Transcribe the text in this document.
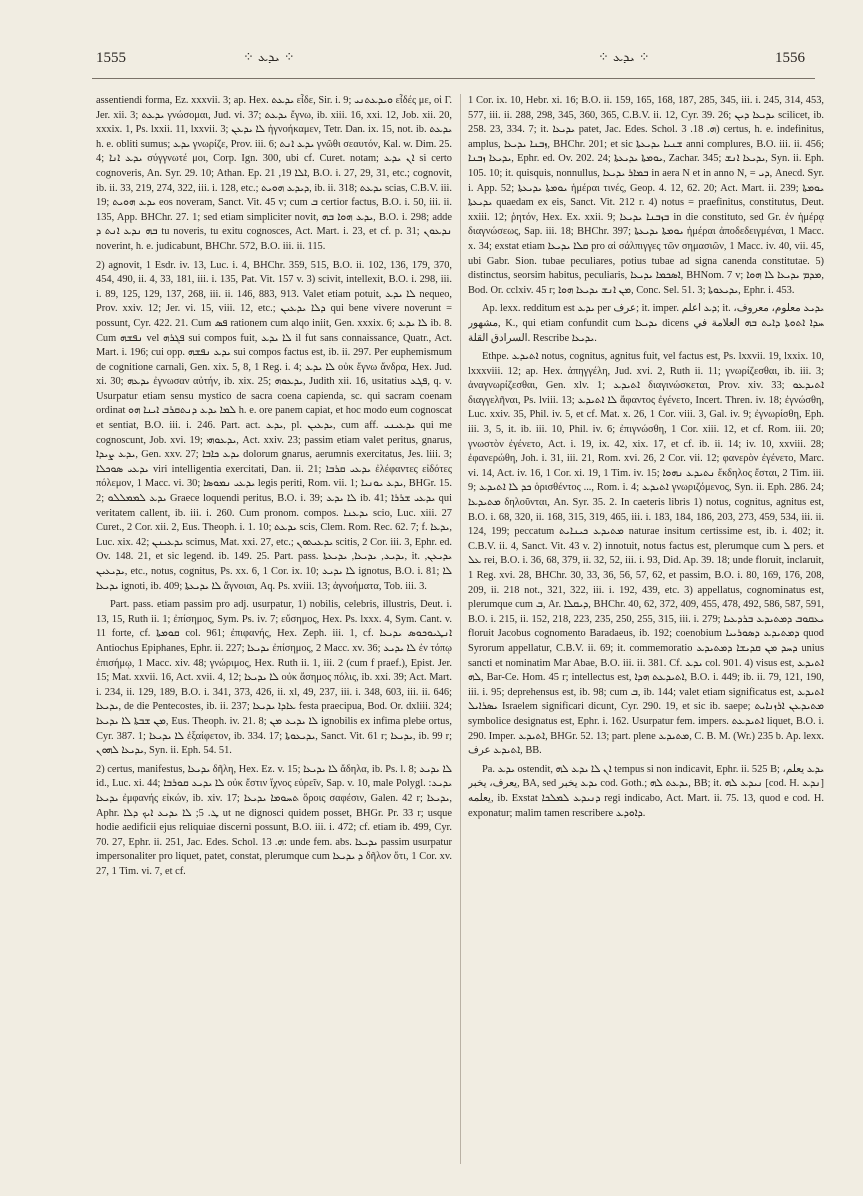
1555	⁘ ܝܕܥ ⁘	⁘ ܝܕܥ ⁘	1556

assentiendi forma, Ez. xxxvii. 3; ap. Hex. ܝܕܥܬ εἶδε, Sir. i. 9; ܘܝܕܥܬܢܝ εἶδές με, οἱ Γ. Jer. xii. 3; ܝܕܥܬ γνώσομαι, Jud. vi. 37; ܝܕܥܬ ἔγνω, ib. xiii. 16, xxi. 12, Job. xii. 20, xxxix. 1, Ps. lxxii. 11, lxxvii. 3; ܠܐ ܝܕܥܢ ἠγνοήκαμεν, Tetr. Dan. ix. 15, not. ib. ܝܕܥܬ h. e. obliti sumus; ܝܕܥ γνωρίζε, Prov. iii. 6; ܝܕܥ ܐܢܬ γνῶθι σεαυτόν, Kal. w. Dim. 25. 4; ܝܕܥ ܐܢܐ σύγγνωτέ μοι, Corp. Ign. 300, ubi cf. Curet. notam; ܐܢ ܝܕܥ si certo cognoveris, An. Syr. 29. 10; Athan. Ep. ܐܠܐ 19, 21, B.O. i. 27, 29, 31, etc.; cognovit, ib. ii. 33, 219, 274, 322, iii. i. 128, etc.; ܕܝܕܥ ܗܘܝܬ, ib. ii. 318; ܝܕܥܬ scias, C.B.V. iii. 19; ܝܕܥ ܗܘܝܬ eos noveram, Sanct. Vit. 45 v; cum ܒ certior factus, B.O. i. 50, iii. ii. 135, App. BHChr. 27. 1; sed etiam simpliciter novit, ܝܕܥ ܗܘܐ ܒܗ, B.O. i. 298; adde ܒܗ ܢܕܥ ܐܢܬ ܕ tu noveris, tu exitu cognosces, Act. Mart. i. 23, et cf. p. 31; ܢܕܥܘܢ noverint, h. e. judicabunt, BHChr. 572, B.O. iii. ii. 115.

2) agnovit, 1 Esdr. iv. 13, Luc. i. 4, BHChr. 359, 515, B.O. ii. 102, 136, 179, 370, 454, 490, ii. 4, 33, 181, iii. i. 135, Pat. Vit. 157 v. 3) scivit, intellexit, B.O. i. 298, iii. i. 89, 125, 129, 137, 268, iii. ii. 146, 883, 913. Valet etiam potuit, ܠܐ ܝܕܥ nequeo, Prov. xxiv. 12; Jer. vi. 15, viii. 12, etc.; ܕܠܐ ܝܕܥܝܢ qui bene vivere noverunt = possunt, Cyr. 422. 21. Cum ܦܣ rationem cum alqo iniit, Gen. xxxix. 6; ܠܐ ܝܕܥ ib. 8. Cum ܢܦܫܗ vel ܦܓܪܗ sui compos fuit, ܠܐ ܝܕܥ il fut sans connaissance, Quatr., Act. Mart. i. 196; cui opp. ܝܕܥ ܢܦܫܗ sui compos factus est, ib. ii. 297. Per euphemismum de cognitione carnali, Gen. xix. 5, 8, 1 Reg. i. 4; ܠܐ ܝܕܥ οὐκ ἔγνω ἄνδρα, Hex. Jud. xi. 30; ܝܕܥܗ ἐγνωσαν αὐτήν, ib. xix. 25; ܝܕܥܘܗ, Judith xii. 16, usitatius ܦܓܥ, q. v. Usurpatur etiam sensu mystico de sacra coena capienda, sc. qui sacram coenam ordinat ܠܡܐ ܝܕܥ ܕܢܬܩܪܒ ܐܝܢܐ ܗܘ h. e. ore panem capiat, et hoc modo eum cognoscat et sentiat, B.O. iii. i. 246. Part. act. ܝܕܥ, pl. ܝܕܥܝܢ, cum aff. ܝܕܥܝܢܝ qui me cognoscunt, Job. xvi. 19; ܝܕܥܘܗܝ, Act. xxiv. 23; passim etiam valet peritus, gnarus, ܝܕܥ ܨܝܕܐ, Gen. xxv. 27; ܝܕܥ ܟܐܒܐ dolorum gnarus, aerumnis exercitatus, Jes. liii. 3; ܝܕܥܝ ܣܘܟܠܐ viri intelligentia exercitati, Dan. ii. 21; ܝܕܥܝ ܩܪܒܐ ἐλέφαντες εἰδότες πόλεμον, 1 Macc. vi. 30; ܝܕܥܝ ܢܡܘܣܐ legis periti, Rom. vii. 1; ܝܕܥ ܝܘܢܝܐ, BHGr. 15. 2; ܝܕܥ ܠܡܡܠܠܘ Graece loquendi peritus, B.O. i. 39; ܠܐ ܝܕܥ ib. 41; ܝܕܥܝ ܫܪܪܐ qui veritatem callent, ib. iii. i. 260. Cum pronom. compos. ܝܕܥܢܐ scio, Luc. xiii. 27 Curet., 2 Cor. xii. 2, Eus. Theoph. i. 1. 10; ܝܕܥܬ scis, Clem. Rom. Rec. 62. 7; f. ܝܕܥܐ, Luc. xix. 42; ܝܕܥܝܢܢ scimus, Mat. xxi. 27, etc.; ܝܕܥܝܬܘܢ scitis, 2 Cor. iii. 3, Ephr. ed. Ov. 148. 21, et sic legend. ib. 149. 25. Part. pass. ܝܕܝܥ, ܝܕܝܥܐ, ܝܕܝܥܬܐ, it. ܝܕܝܥܢ, ܝܕܝܥܝܢ, etc., notus, cognitus, Ps. xx. 6, 1 Cor. ix. 10; ܠܐ ܝܕܝܥ ignotus, B.O. i. 81; ܠܐ ܝܕܝܥܐ ignoti, ib. 409; ܠܐ ܝܕܝܥܬܐ ἄγνοιαι, Aq. Ps. xviii. 13; ἀγνοήματα, Tob. iii. 3.

Part. pass. etiam passim pro adj. usurpatur, 1) nobilis, celebris, illustris, Deut. i. 13, 15, Ruth ii. 1; ἐπίσημος, Sym. Ps. iv. 7; εὔσημος, Hex. Ps. lxxx. 4, Sym. Cant. v. 11 forte, cf. ܩܘܡܬܐ col. 961; ἐπιφανής, Hex. Zeph. iii. 1, cf. ܐܢܛܝܘܟܘܣ ܝܕܝܥܐ Antiochus Epiphanes, Ephr. ii. 227; ܝܕܝܥܐ ἐπίσημος, 2 Macc. xv. 36; ܠܐ ܝܕܝܥ ἐν τόπῳ ἐπισήμῳ, 1 Macc. xiv. 48; γνώριμος, Hex. Ruth ii. 1, iii. 2 (cum f praef.), Epist. Jer. 15; Mat. xxvii. 16, Act. xvii. 4, 12; ܠܐ ܝܕܝܥܐ οὐκ ἄσημος πόλις, ib. xxi. 39; Act. Mart. i. 234, ii. 129, 189, B.O. i. 341, 373, 426, ii. xl, 49, 237, iii. i. 348, 603, iii. ii. 646; ܝܕܝܥܐ, de die Pentecostes, ib. ii. 237; ܥܐܕܐ ܝܕܝܥܐ festa praecipua, Bod. Or. dxliii. 324; ܡܢ ܫܒܬܐ ܠܐ ܝܕܝܥܐ, Eus. Theoph. iv. 21. 8; ܠܐ ܝܕܝܥ ܡܢ ignobilis ex infima plebe ortus, Cyr. 387. 1; ܠܐ ܝܕܝܥܐ ἐξαίφετον, ib. 334. 17; ܝܕܝܥܘܬܐ, Sanct. Vit. 61 r; ܝܕܝܥܐ, ib. 99 r; ܝܕܝܥܐ ܠܗܘܢ, Syn. ii. Eph. 54. 51.

2) certus, manifestus, ܝܕܝܥܐ δῆλη, Hex. Ez. v. 15; ܠܐ ܝܕܝܥܐ ἄδηλα, ib. Ps. l. 8; ܠܐ ܝܕܝܥ id., Luc. xi. 44; ܠܐ ܝܕܝܥ ܩܘܪܒܐ οὐκ ἔστιν ἴχνος εὑρεῖν, Sap. v. 10, male Polygl. ܝܕܝܥ: ܝܕܝܥܐ ἐμφανής εἰκών, ib. xiv. 17; ܬܚܘܡܐ ܝܕܝܥܐ ὅροις σαφέσιν, Galen. 42 r; ܝܕܝܥܐ, Aphr. ܛ. 5; ܠܐ ܝܕܝܥ ܐܝܟ ܕܠܐ ut ne dignosci quidem posset, BHGr. Pr. 33 r; usque hodie aedificii ejus reliquiae discerni possunt, B.O. iii. i. 472; cf. etiam ib. 499, Cyr. 70. 27, Ephr. ii. 251, Jac. Edes. Schol. ܗ. 13: unde fem. abs. ܝܕܝܥܐ passim usurpatur impersonaliter pro liquet, patet, constat, plerumque cum ܕ ܝܕܝܥܐ δῆλον ὅτι, 1 Cor. xv. 27, 1 Tim. vi. 7, et cf.

1 Cor. ix. 10, Hebr. xi. 16; B.O. ii. 159, 165, 168, 187, 285, 345, iii. i. 245, 314, 453, 577, iii. ii. 288, 298, 345, 360, 365, C.B.V. ii. 12, Cyr. 39. 26; ܝܕܝܥܐ ܕܝܢ scilicet, ib. 258. 23, 334. 7; it. ܝܕܝܥܐ patet, Jac. Edes. Schol. ܗ. 18. 3) certus, h. e. indefinitus, amplus, ܙܒܢܐ ܝܕܝܥܐ, BHChr. 201; et sic ܫܢܝܐ ܝܕܝܥܬܐ anni complures, B.O. iii. ii. 456; ܝܕܝܥܐ ܙܒܢܐ, Ephr. ed. Ov. 202. 24; ܝܘܡܬܐ ܝܕܝܥܬܐ, Zachar. 345; ܝܕܝܥܐ ܐܢܫ, Syn. ii. Eph. 105. 10; it. quisquis, nonnullus, ܒܡܐܪ ܝܕܝܥܐ in aera N et in anno N, = ܕܝ, Anecd. Syr. i. App. 52; ܝܘܡܬܐ ܝܕܝܥܬܐ ἡμέραι τινές, Geop. 4. 12, 62. 20; Act. Mart. ii. 239; ܝܘܡܬܐ ܝܕܝܥܬܐ quaedam ex eis, Sanct. Vit. 212 r. 4) notus = praefinitus, constitutus, Deut. xxiii. 12; ῥητόν, Hex. Ex. xxii. 9; ܒܙܒܢܐ ܝܕܝܥܐ in die constituto, sed Gr. ἐν ἡμέρᾳ διαγνώσεως, Sap. iii. 18; BHChr. 397; ܝܘܡܬܐ ܝܕܝܥܬܐ ἡμέραι ἀποδεδειγμέναι, 1 Macc. x. 34; exstat etiam ܩܠܐ ܝܕܝܥܐ pro αἱ σάλπιγγες τῶν σημασιῶν, 1 Macc. iv. 40, vii. 45, ubi Gabr. Sion. tubae peculiares, potius tubae ad signa canenda constitutae. 5) distinctus, seorsim habitus, peculiaris, ܐܣܟܡܐ ܝܕܝܥܐ, BHNom. 7 v; ܡܕܡ ܝܕܝܥܐ ܠܐ ܗܘܐ, Bod. Or. cclxiv. 45 r; ܡܢ ܐܢܫ ܝܕܝܥܐ ܗܘܐ, Conc. Sel. 51. 3; ܝܕܝܥܘܬܐ, Ephr. i. 453.

Ap. lexx. redditum est ܝܕܥ per عرف; it. imper. ܕܥ اعلم; it. ܝܕܝܥ معلوم، معروف، مشهور, K., qui etiam confundit cum ܝܕܝܥܐ dicens ܚܕܐ ܐܬܘܬܐ ܕܐܝܬ ܒܗ العلامة في السرادق القلة. Rescribe ܝܕܝܥܐ.

Ethpe. ܐܬܝܕܥ notus, cognitus, agnitus fuit, vel factus est, Ps. lxxvii. 19, lxxix. 10, lxxxviii. 12; ap. Hex. ἀπηγγέλη, Jud. xvi. 2, Ruth ii. 11; γνωρίζεσθαι, ib. iii. 3; ἀναγνωρίζεσθαι, Gen. xlv. 1; ܐܬܝܕܥ διαγινώσκεται, Prov. xiv. 33; ܐܬܝܕܥܘ διαγγελῆναι, Ps. lviii. 13; ܠܐ ܐܬܝܕܥ ἄφαντος ἐγένετο, Incert. Thren. iv. 18; ἐγνώσθη, Luc. xxiv. 35, Phil. iv. 5, et cf. Mat. x. 26, 1 Cor. viii. 3, Gal. iv. 9; ἐγνωρίσθη, Eph. iii. 3, 5, it. ib. iii. 10, Phil. iv. 6; ἐπιγνώσθη, 1 Cor. xiii. 12, et cf. Rom. iii. 20; γνωστὸν ἐγένετο, Act. i. 19, ix. 42, xix. 17, et cf. ib. ii. 14; iv. 10, xxviii. 28; ἐφανερώθη, Joh. i. 31, iii. 21, Rom. xvi. 26, 2 Cor. vii. 12; φανερὸν ἐγένετο, Marc. vi. 14, Act. iv. 16, 1 Cor. xi. 19, 1 Tim. iv. 15; ܢܬܝܕܥ ܢܗܘܐ ἔκδηλος ἔσται, 2 Tim. iii. 9; ܟܕ ܠܐ ܐܬܝܕܥ ὁρισθέντος ..., Rom. i. 4; ܐܬܝܕܥ γνωριζόμενος, Syn. ii. Eph. 286. 24; ܡܬܝܕܥܐ δηλοῦνται, An. Syr. 35. 2. In caeteris libris 1) notus, cognitus, agnitus est, B.O. i. 68, 320, ii. 168, 315, 319, 465, iii. i. 183, 184, 186, 203, 273, 459, 534, iii. ii. 124, 199; peccatum ܡܬܝܕܥ ܟܝܢܐܝܬ naturae insitum certissime est, ib. i. 402; it. C.B.V. ii. 4, Sanct. Vit. 43 v. 2) innotuit, notus factus est, plerumque cum ܠ pers. et ܥܠ rei, B.O. i. 36, 68, 379, ii. 32, 52, iii. i. 93, Did. Ap. 39. 18; unde floruit, inclaruit, 1 Reg. xvi. 28, BHChr. 30, 33, 36, 56, 57, 62, et passim, B.O. i. 80, 169, 176, 208, 209, ii. 218 not., 321, 322, iii. i. 192, 439, etc. 3) appellatus, cognominatus est, plerumque cum ܒ, Ar. ܕܝܩܠܐ, BHChr. 40, 62, 372, 409, 455, 478, 492, 586, 587, 591, B.O. i. 215, ii. 152, 218, 223, 235, 250, 255, 315, iii. i. 279; ܝܥܩܘܒ ܕܡܬܝܕܥ ܒܪܕܥܝܐ floruit Jacobus cognomento Baradaeus, ib. 192; coenobium ܕܡܬܝܕܥ ܕܣܘܪܝܝܐ quod Syrorum appellatur, C.B.V. ii. 69; it. commemoratio ܕܚܕ ܡܢ ܩܕܝܫܐ ܕܡܬܝܕܥ unius sancti et nominatim Mar Abae, B.O. iii. ii. 381. Cf. ܝܕܥ col. 901. 4) visus est, ܐܬܝܕܥ ܠܗ, Bar-Ce. Hom. 45 r; intellectus est, ܐܬܝܕܥܬ ܗܕܐ, B.O. i. 449; ib. ii. 79, 121, 190, iii. i. 95; deprehensus est, ib. 98; cum ܒ, ib. 144; valet etiam significatus est, ܐܬܝܕܥ ܝܣܪܐܝܠ Israelem significari dicunt, Cyr. 290. 19, et sic ib. saepe; ܡܬܝܕܥܢ ܐܪܙܢܐܝܬ symbolice designatus est, Ephr. i. 162. Usurpatur fem. impers. ܐܬܝܕܥܬ liquet, B.O. i. 290. Imper. ܐܬܝܕܥ, BHGr. 52. 13; part. plene ܡܬܝܕܥ, C. B. M. (Wr.) 235 b. Ap. lexx. ܐܬܝܕܥ عرف, BB.

Pa. ܝܕܥ ostendit, ܐܢ ܠܐ ܝܕܥ ܠܗ tempus si non indicavit, Ephr. ii. 525 B; ܝܕܥ يعلم، يعرف، يخبر, BA, sed ܝܕܥ يخبر cod. Goth.; ܝܕܥܬ ܠܗ, BB; it. ܢܝܕܥ ܠܗ [cod. H. ܢܕܥ] يعلمه, ib. Exstat ܕܢܝܕܥ ܠܡܠܟܐ regi indicabo, Act. Mart. ii. 75. 13, quod e cod. H. exponatur; malim tamen rescribere ܕܐܘܕܥ.
